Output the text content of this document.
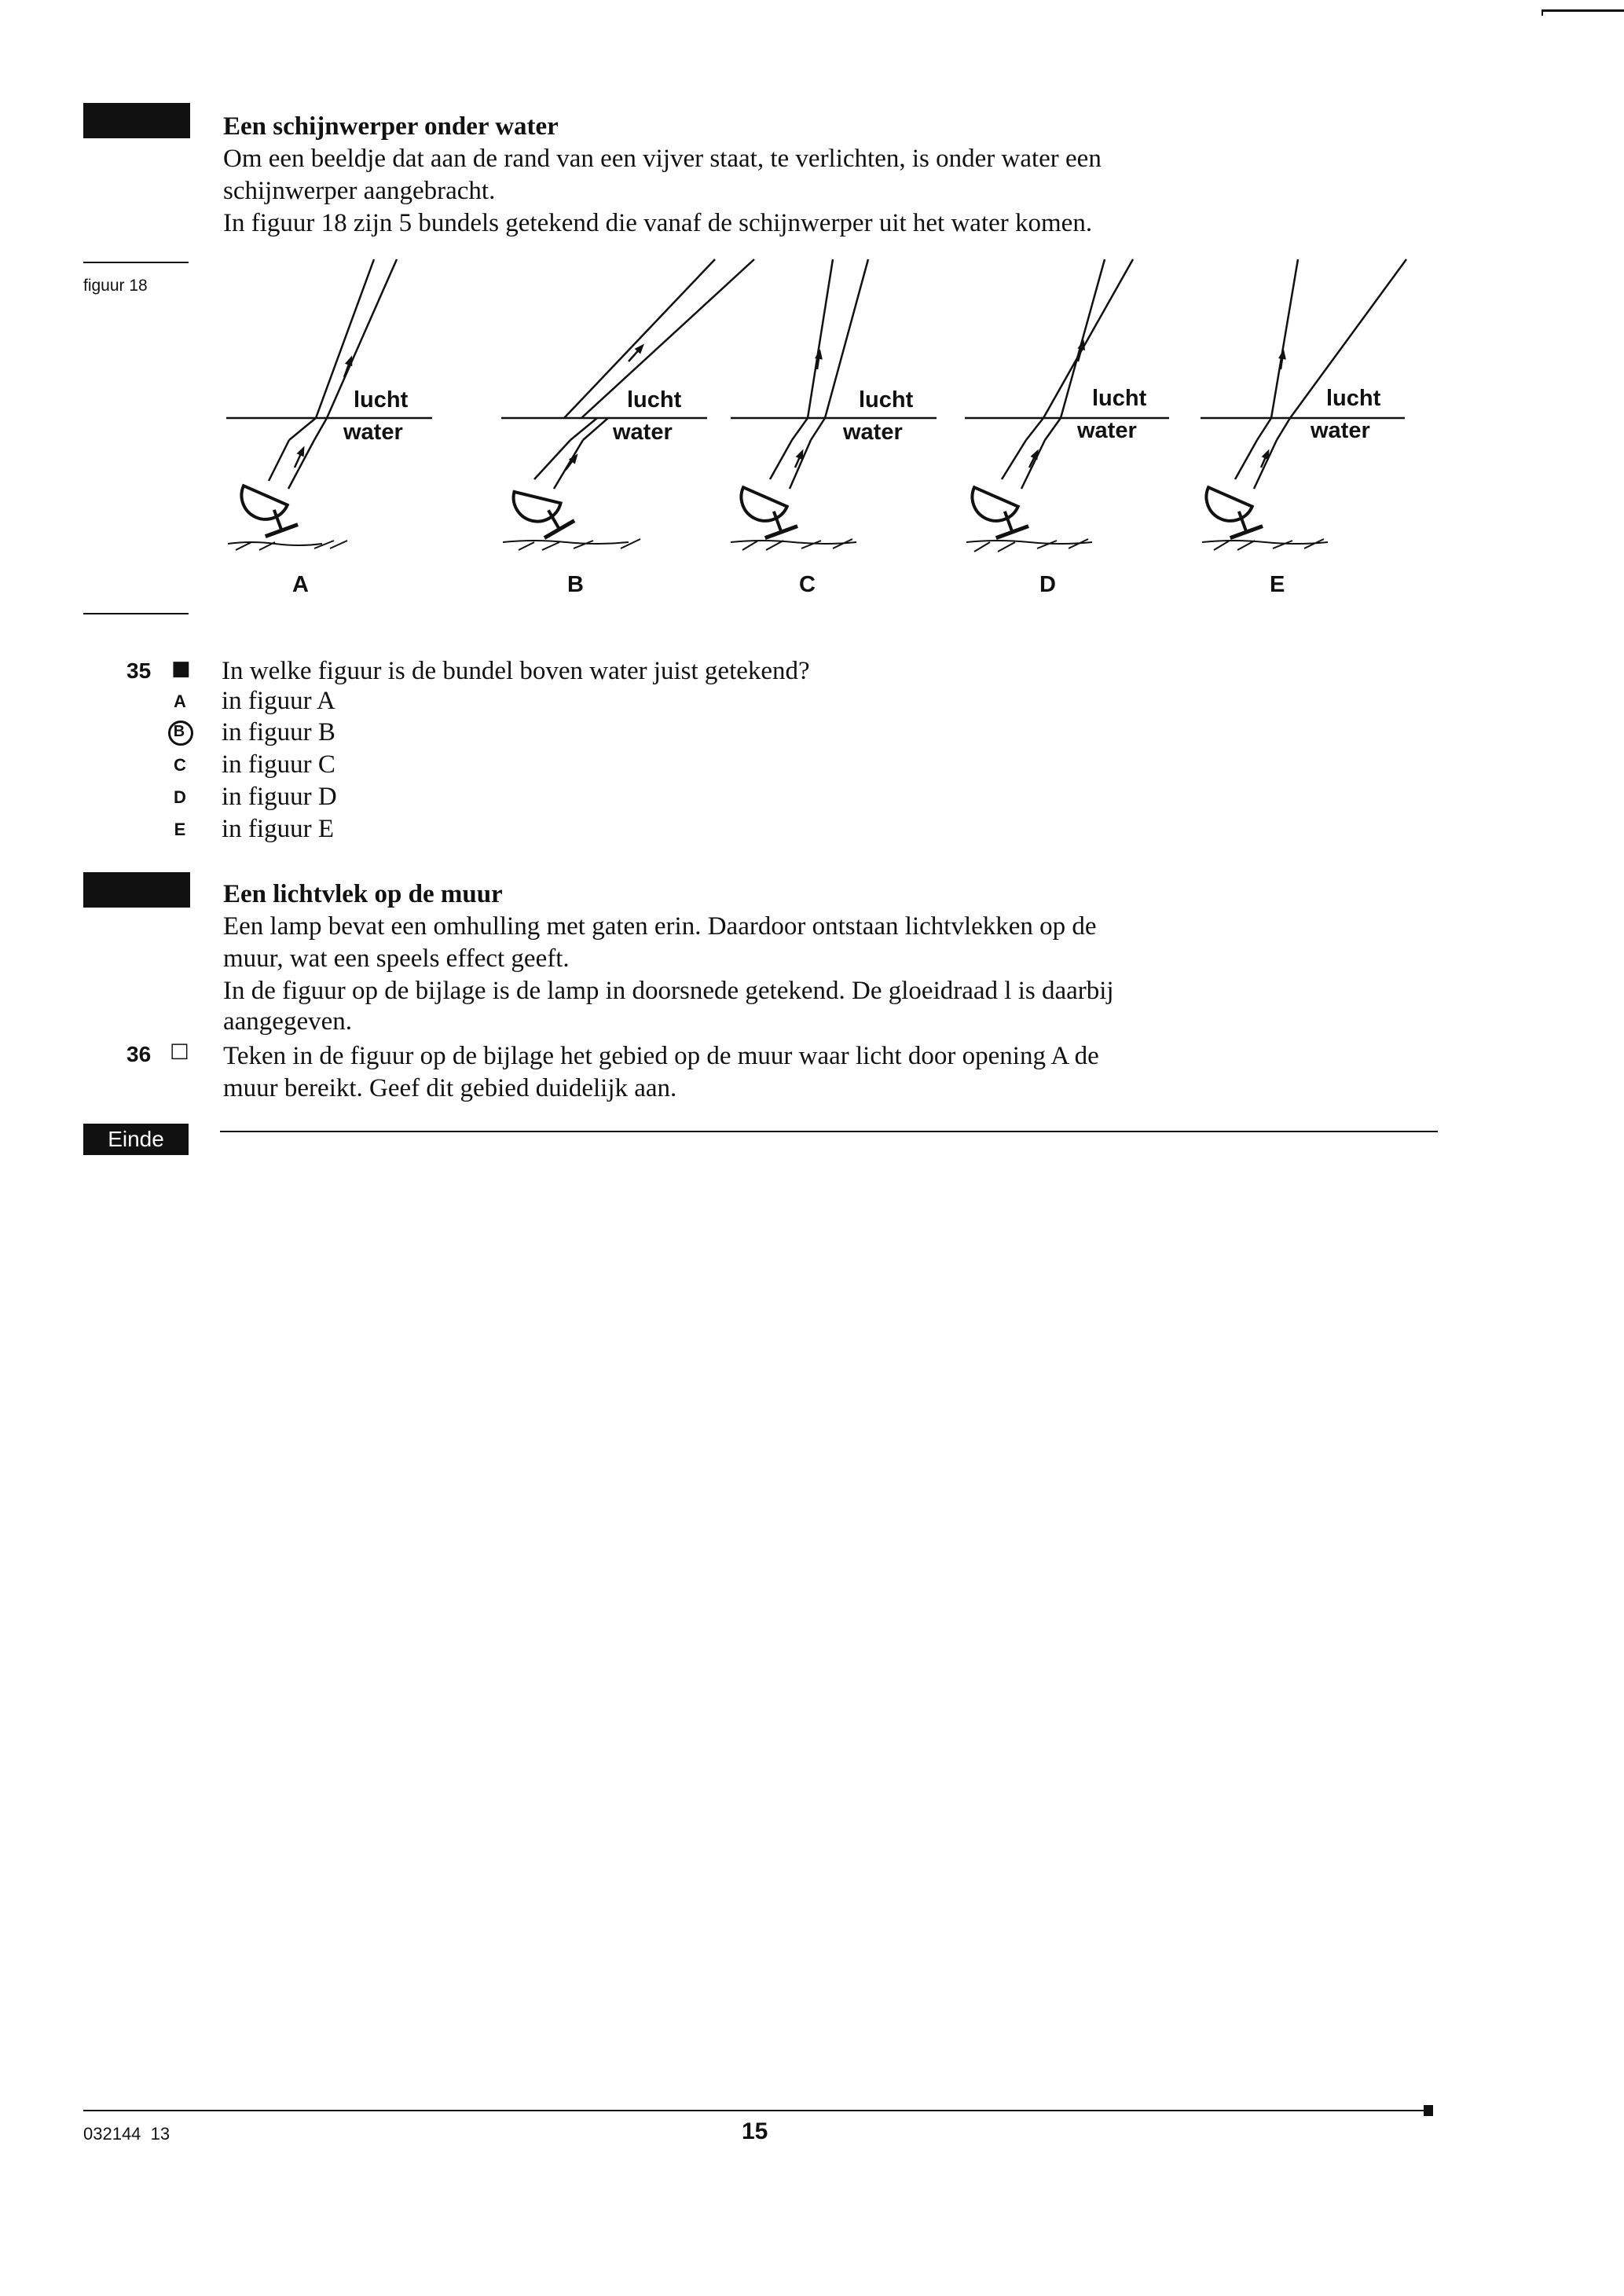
Een schijnwerper onder water
Om een beeldje dat aan de rand van een vijver staat, te verlichten, is onder water een
schijnwerper aangebracht.
In figuur 18 zijn 5 bundels getekend die vanaf de schijnwerper uit het water komen.
figuur 18
lucht
water
lucht
water
lucht
water
lucht
water
lucht
water
A	B	C	D	E
35 ■ In welke figuur is de bundel boven water juist getekend?
A in figuur A
B in figuur B
C in figuur C
D in figuur D
E in figuur E
Een lichtvlek op de muur
Een lamp bevat een omhulling met gaten erin. Daardoor ontstaan lichtvlekken op de
muur, wat een speels effect geeft.
In de figuur op de bijlage is de lamp in doorsnede getekend. De gloeidraad l is daarbij
aangegeven.
36 □ Teken in de figuur op de bijlage het gebied op de muur waar licht door opening A de
muur bereikt. Geef dit gebied duidelijk aan.
Einde
032144  13	15
